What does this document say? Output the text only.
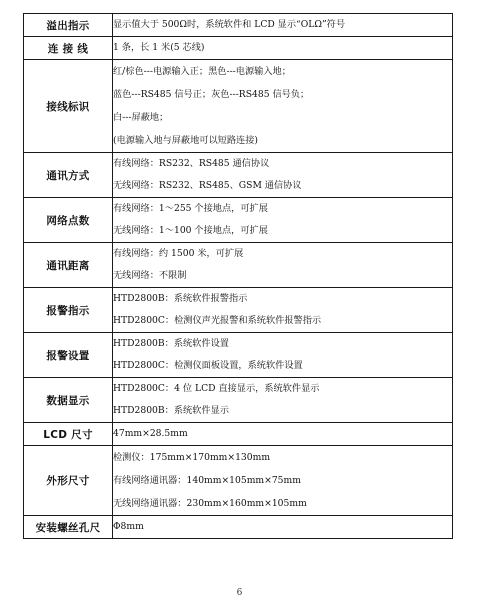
溢出指示	显示值大于 500Ω时，系统软件和 LCD 显示“OLΩ”符号

连 接 线	1 条，长 1 米(5 芯线)

接线标识	红/棕色---电源输入正；黑色---电源输入地；
蓝色---RS485 信号正；灰色---RS485 信号负；
白---屏蔽地；
(电源输入地与屏蔽地可以短路连接)

通讯方式	有线网络：RS232、RS485 通信协议
无线网络：RS232、RS485、GSM 通信协议

网络点数	有线网络：1～255 个接地点，可扩展
无线网络：1～100 个接地点，可扩展

通讯距离	有线网络：约 1500 米，可扩展
无线网络：不限制

报警指示	HTD2800B：系统软件报警指示
HTD2800C：检测仪声光报警和系统软件报警指示

报警设置	HTD2800B：系统软件设置
HTD2800C：检测仪面板设置，系统软件设置

数据显示	HTD2800C：4 位 LCD 直接显示，系统软件显示
HTD2800B：系统软件显示

LCD 尺寸	47mm×28.5mm

外形尺寸	检测仪：175mm×170mm×130mm
有线网络通讯器：140mm×105mm×75mm
无线网络通讯器：230mm×160mm×105mm

安装螺丝孔尺	Φ8mm
6
